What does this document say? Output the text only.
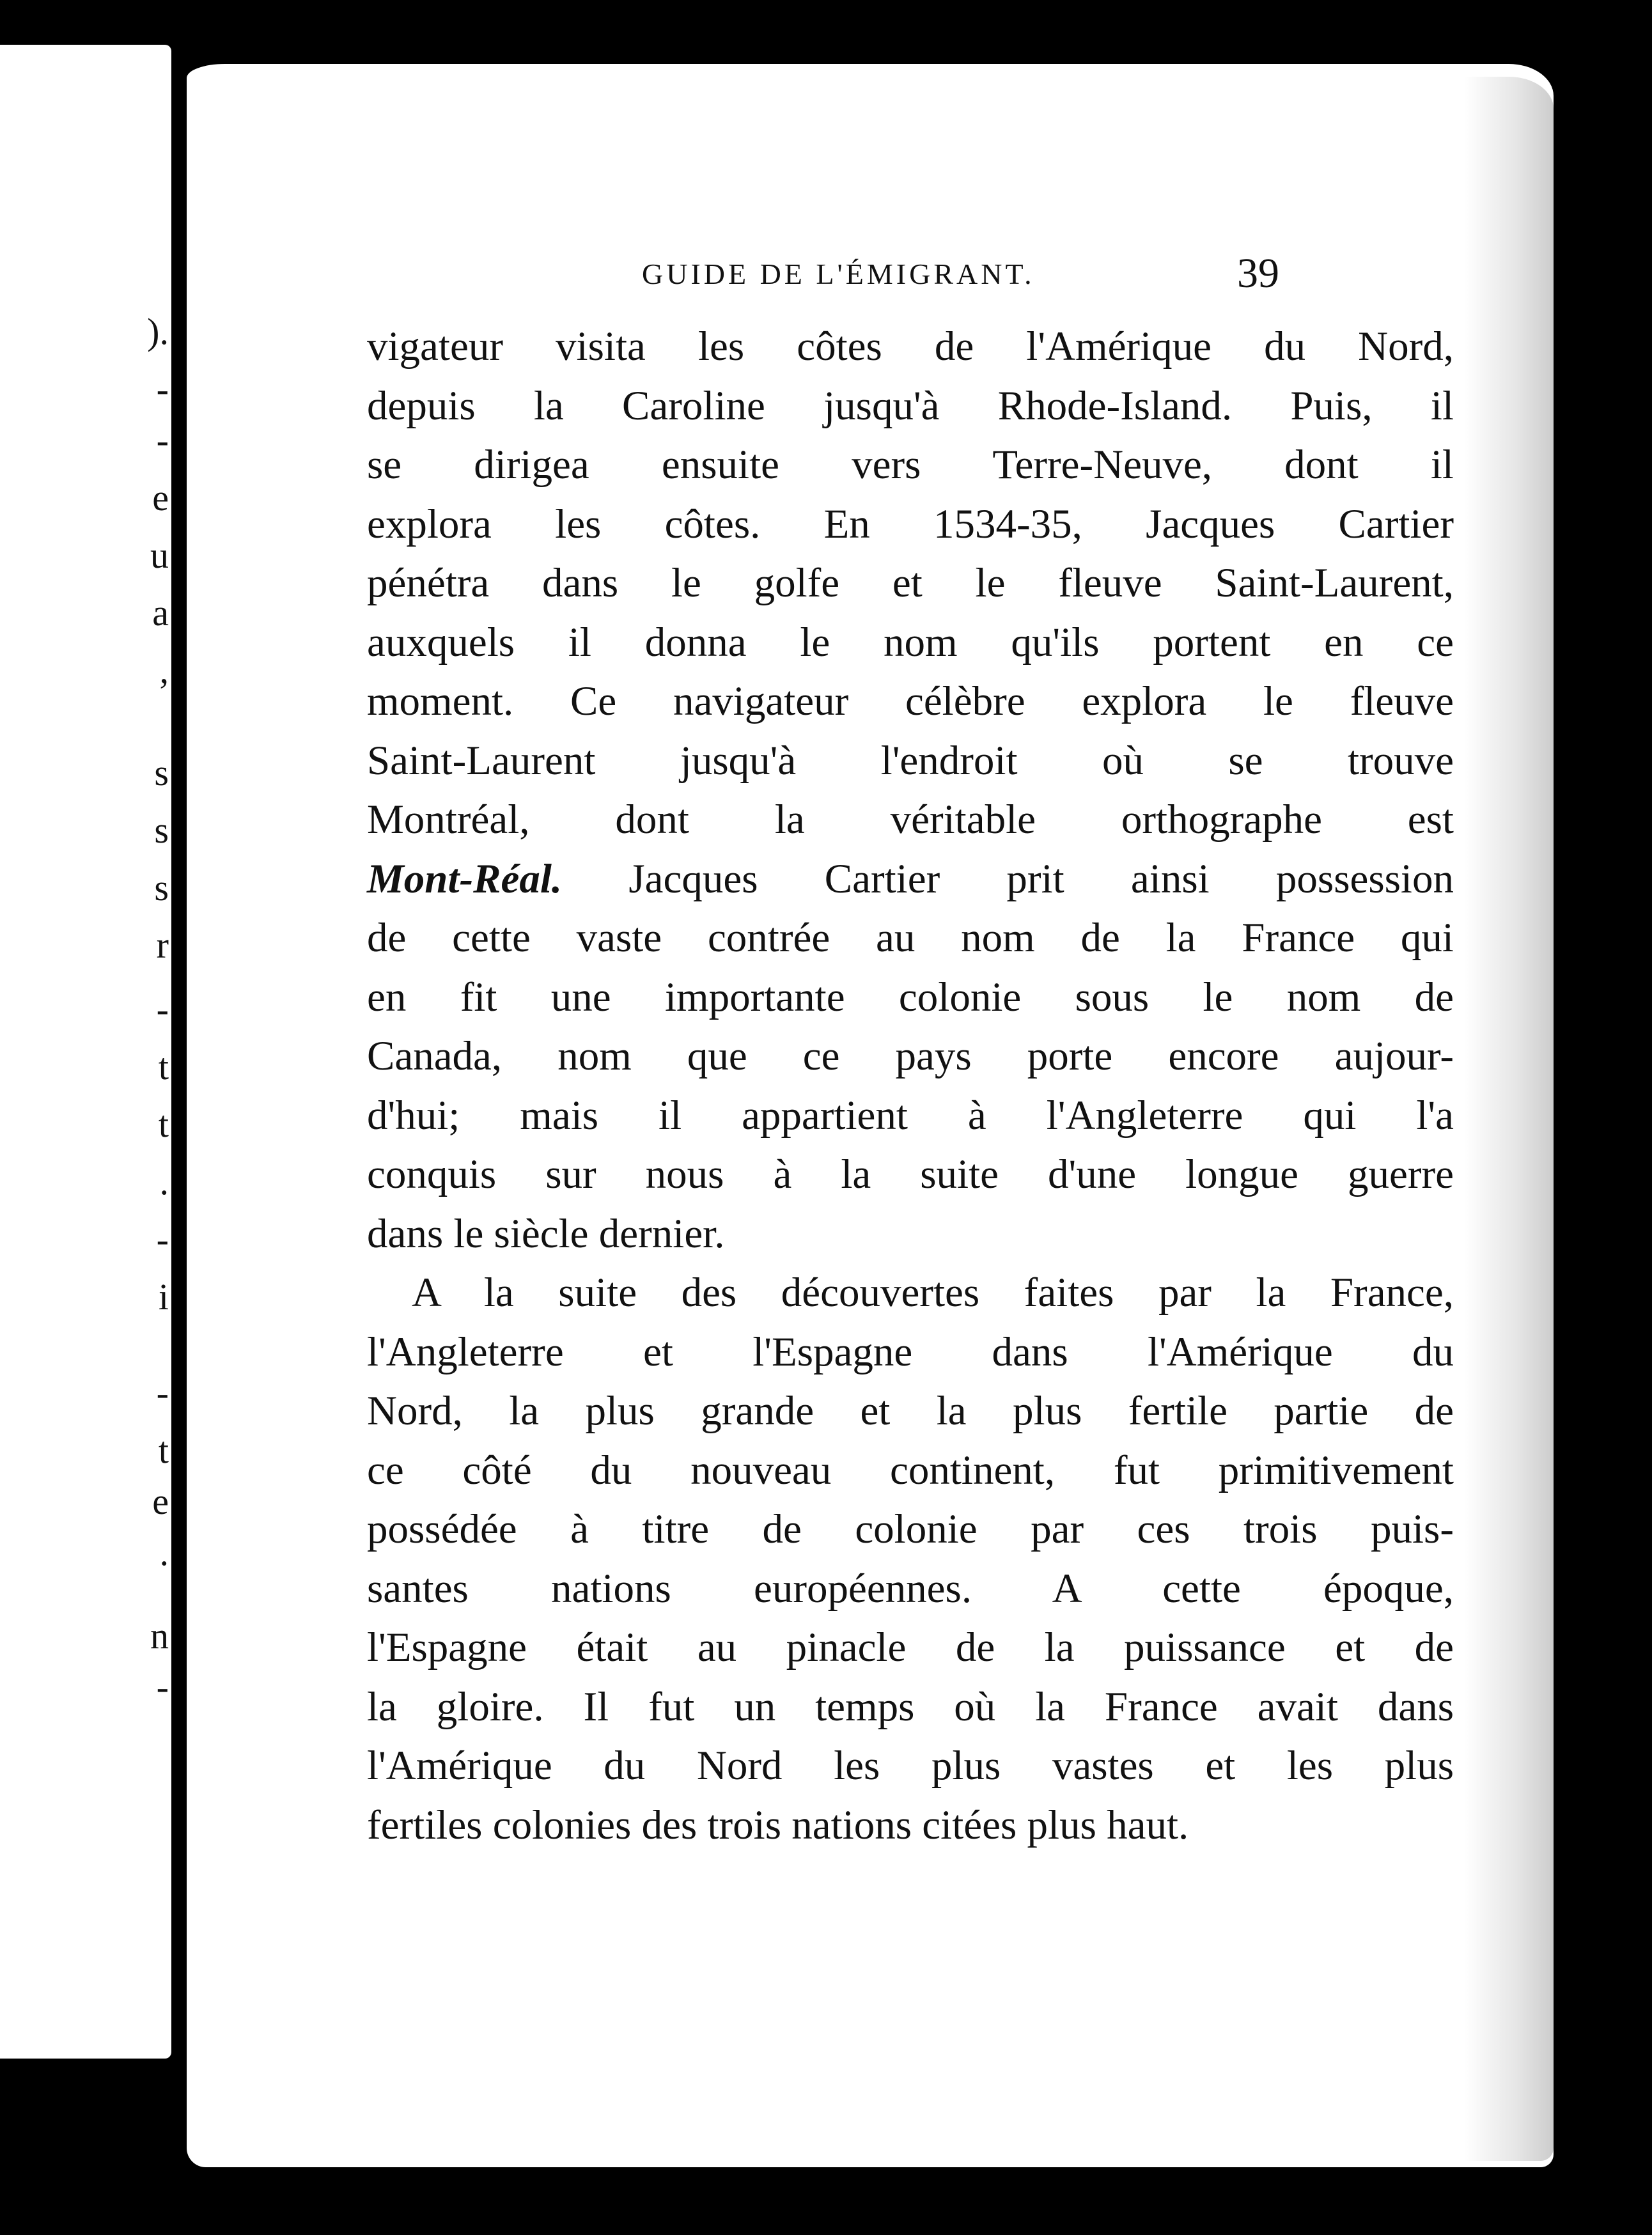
).
-
-
e
u
a
,
s
s
s
r
-
t
t
.
-
i
-
t
e
.
n
-
GUIDE DE L'ÉMIGRANT.	39
vigateur visita les côtes de l'Amérique du Nord,
depuis la Caroline jusqu'à Rhode-Island. Puis, il
se dirigea ensuite vers Terre-Neuve, dont il
explora les côtes. En 1534-35, Jacques Cartier
pénétra dans le golfe et le fleuve Saint-Laurent,
auxquels il donna le nom qu'ils portent en ce
moment. Ce navigateur célèbre explora le fleuve
Saint-Laurent jusqu'à l'endroit où se trouve
Montréal, dont la véritable orthographe est
Mont-Réal. Jacques Cartier prit ainsi possession
de cette vaste contrée au nom de la France qui
en fit une importante colonie sous le nom de
Canada, nom que ce pays porte encore aujour-
d'hui; mais il appartient à l'Angleterre qui l'a
conquis sur nous à la suite d'une longue guerre
dans le siècle dernier.
A la suite des découvertes faites par la France,
l'Angleterre et l'Espagne dans l'Amérique du
Nord, la plus grande et la plus fertile partie de
ce côté du nouveau continent, fut primitivement
possédée à titre de colonie par ces trois puis-
santes nations européennes. A cette époque,
l'Espagne était au pinacle de la puissance et de
la gloire. Il fut un temps où la France avait dans
l'Amérique du Nord les plus vastes et les plus
fertiles colonies des trois nations citées plus haut.
